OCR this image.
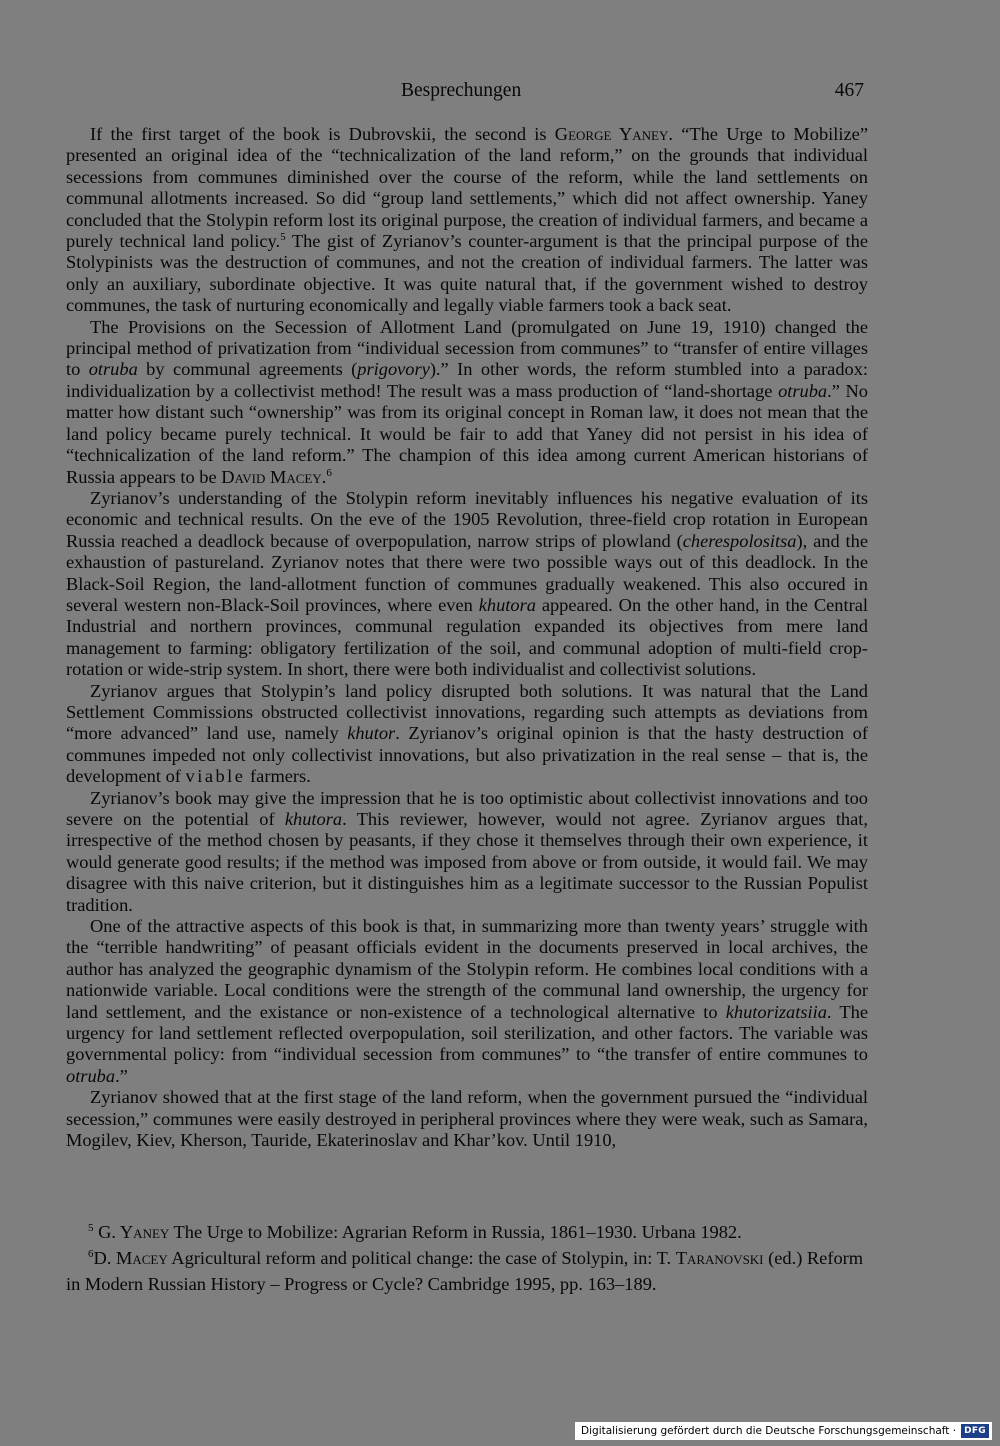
Besprechungen	467

If the first target of the book is Dubrovskii, the second is George Yaney. “The Urge to Mobilize” presented an original idea of the “technicalization of the land reform,” on the grounds that individual secessions from communes diminished over the course of the reform, while the land settlements on communal allotments increased. So did “group land settlements,” which did not affect ownership. Yaney concluded that the Stolypin reform lost its original purpose, the creation of individual farmers, and became a purely technical land policy.$^5$ The gist of Zyrianov’s counter-argument is that the principal purpose of the Stolypinists was the destruction of communes, and not the creation of individual farmers. The latter was only an auxiliary, subordinate objective. It was quite natural that, if the government wished to destroy communes, the task of nurturing economically and legally viable farmers took a back seat.

The Provisions on the Secession of Allotment Land (promulgated on June 19, 1910) changed the principal method of privatization from “individual secession from communes” to “transfer of entire villages to otruba by communal agreements (prigovory).” In other words, the reform stumbled into a paradox: individualization by a collectivist method! The result was a mass production of “land-shortage otruba.” No matter how distant such “ownership” was from its original concept in Roman law, it does not mean that the land policy became purely technical. It would be fair to add that Yaney did not persist in his idea of “technicalization of the land reform.” The champion of this idea among current American historians of Russia appears to be David Macey.$^6$

Zyrianov’s understanding of the Stolypin reform inevitably influences his negative evaluation of its economic and technical results. On the eve of the 1905 Revolution, three-field crop rotation in European Russia reached a deadlock because of overpopulation, narrow strips of plowland (cherespolositsa), and the exhaustion of pastureland. Zyrianov notes that there were two possible ways out of this deadlock. In the Black-Soil Region, the land-allotment function of communes gradually weakened. This also occured in several western non-Black-Soil provinces, where even khutora appeared. On the other hand, in the Central Industrial and northern provinces, communal regulation expanded its objectives from mere land management to farming: obligatory fertilization of the soil, and communal adoption of multi-field crop-rotation or wide-strip system. In short, there were both individualist and collectivist solutions.

Zyrianov argues that Stolypin’s land policy disrupted both solutions. It was natural that the Land Settlement Commissions obstructed collectivist innovations, regarding such attempts as deviations from “more advanced” land use, namely khutor. Zyrianov’s original opinion is that the hasty destruction of communes impeded not only collectivist innovations, but also privatization in the real sense – that is, the development of viable farmers.

Zyrianov’s book may give the impression that he is too optimistic about collectivist innovations and too severe on the potential of khutora. This reviewer, however, would not agree. Zyrianov argues that, irrespective of the method chosen by peasants, if they chose it themselves through their own experience, it would generate good results; if the method was imposed from above or from outside, it would fail. We may disagree with this naive criterion, but it distinguishes him as a legitimate successor to the Russian Populist tradition.

One of the attractive aspects of this book is that, in summarizing more than twenty years’ struggle with the “terrible handwriting” of peasant officials evident in the documents preserved in local archives, the author has analyzed the geographic dynamism of the Stolypin reform. He combines local conditions with a nationwide variable. Local conditions were the strength of the communal land ownership, the urgency for land settlement, and the existance or non-existence of a technological alternative to khutorizatsiia. The urgency for land settlement reflected overpopulation, soil sterilization, and other factors. The variable was governmental policy: from “individual secession from communes” to “the transfer of entire communes to otruba.”

Zyrianov showed that at the first stage of the land reform, when the government pursued the “individual secession,” communes were easily destroyed in peripheral provinces where they were weak, such as Samara, Mogilev, Kiev, Kherson, Tauride, Ekaterinoslav and Khar’kov. Until 1910,

$^5$ G. Yaney The Urge to Mobilize: Agrarian Reform in Russia, 1861–1930. Urbana 1982.

$^6$D. Macey Agricultural reform and political change: the case of Stolypin, in: T. Taranovski (ed.) Reform in Modern Russian History – Progress or Cycle? Cambridge 1995, pp. 163–189.

Digitalisierung gefördert durch die Deutsche Forschungsgemeinschaft · DFG
